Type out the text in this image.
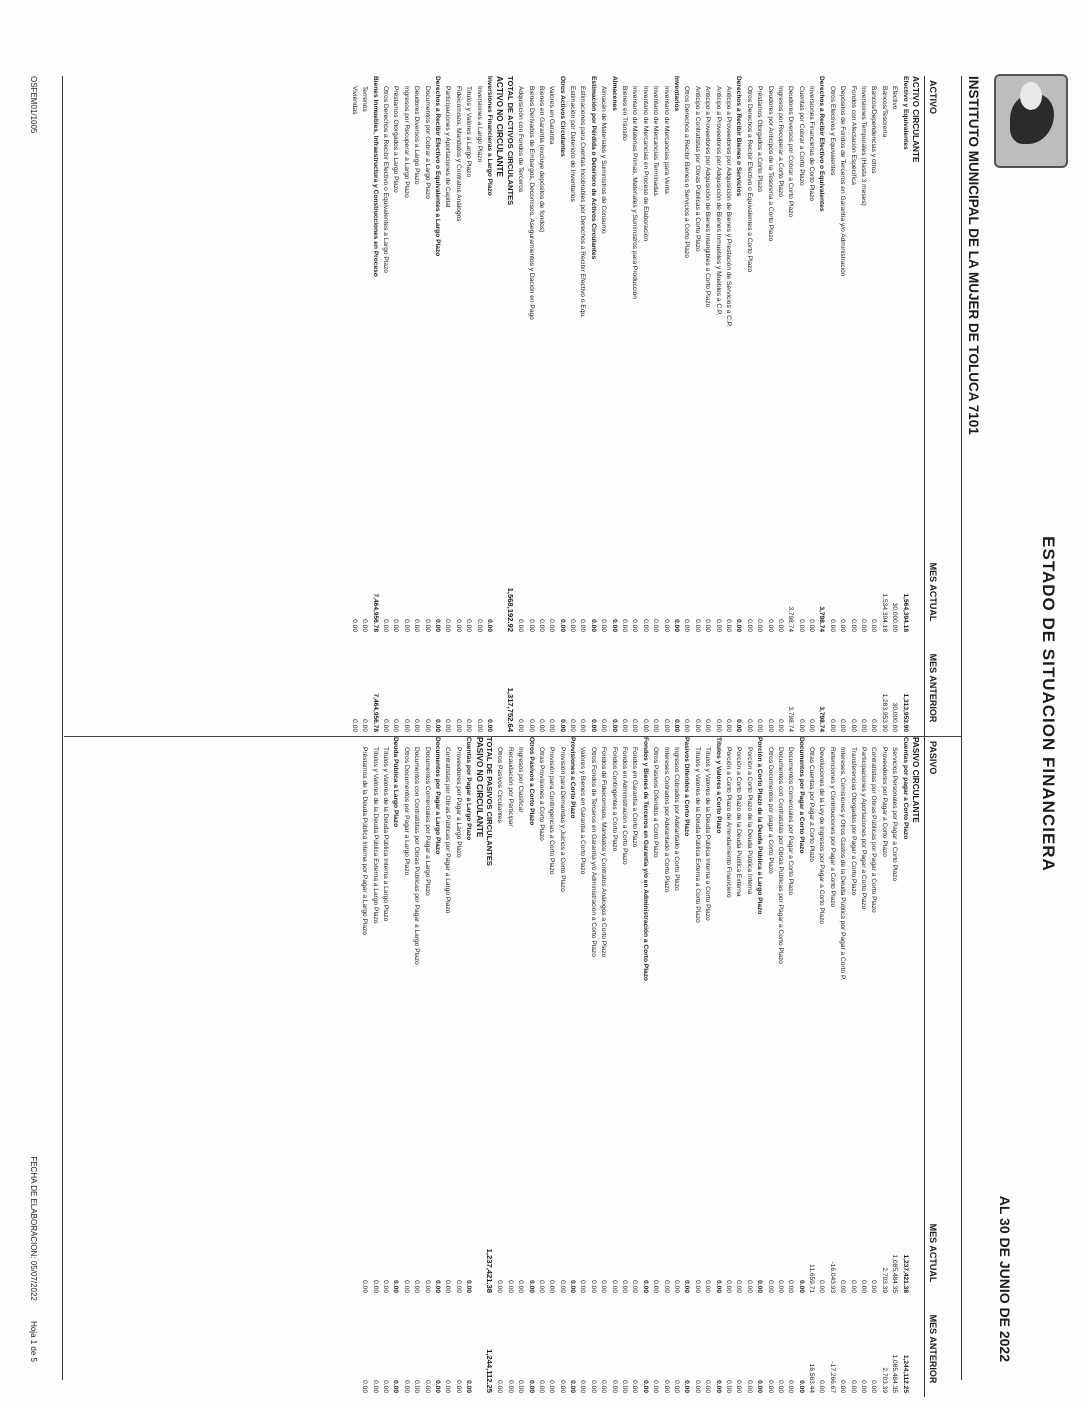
ESTADO DE SITUACION FINANCIERA
INSTITUTO MUNICIPAL DE LA MUJER DE TOLUCA 7101
AL 30 DE JUNIO DE 2022
ACTIVO
MES ACTUAL
MES ANTERIOR
ACTIVO CIRCULANTE
Efectivo y Equivalentes
1,564,394.18
1,313,953.90
Efectivo
30,000.00
30,000.00
Bancos/Tesorería
1,534,394.18
1,283,953.90
Bancos/Dependencias y otros
0.00
0.00
Inversiones Temporales (Hasta 3 meses)
0.00
0.00
Fondos con Afectación Específica
0.00
0.00
Depósitos de Fondos de Terceros en Garantía y/o Administración
0.00
0.00
Otros Efectivos y Equivalentes
0.00
0.00
Derechos a Recibir Efectivo o Equivalentes
3,798.74
3,798.74
Inversiones Financieras de Corto Plazo
0.00
0.00
Cuentas por Cobrar a Corto Plazo
0.00
0.00
Deudores Diversos por Cobrar a Corto Plazo
3,798.74
3,798.74
Ingresos por Recuperar a Corto Plazo
0.00
0.00
Deudores por Anticipos de la Tesorería a Corto Plazo
0.00
0.00
Préstamos Otorgados a Corto Plazo
0.00
0.00
Otros Derechos a Recibir Efectivo o Equivalentes a Corto Plazo
0.00
0.00
Derechos a Recibir Bienes o Servicios
0.00
0.00
Anticipo a Proveedores por Adquisición de Bienes y Prestación de Servicios a C.P.
0.00
0.00
Anticipo a Proveedores por Adquisición de Bienes Inmuebles y Muebles a C.P.
0.00
0.00
Anticipo a Proveedores por Adquisición de Bienes Intangibles a Corto Plazo
0.00
0.00
Anticipo a Contratistas por Obras Públicas a Corto Plazo
0.00
0.00
Otros Derechos a Recibir Bienes o Servicios a Corto Plazo
0.00
0.00
Inventarios
0.00
0.00
Inventario de Mercancías para Venta
0.00
0.00
Inventario de Mercancías Terminadas
0.00
0.00
Inventario de Mercancías en Proceso de Elaboración
0.00
0.00
Inventario de Materias Primas, Materiales y Suministros para Producción
0.00
0.00
Bienes en Tránsito
0.00
0.00
Almacenes
0.00
0.00
Almacén de Materiales y Suministros de Consumo
0.00
0.00
Estimación por Pérdida o Deterioro de Activos Circulantes
0.00
0.00
Estimaciones para Cuentas Incobrables por Derechos a Recibir Efectivo o Equ.
0.00
0.00
Estimación por Deterioro de Inventarios
0.00
0.00
Otros Activos Circulantes
0.00
0.00
Valores en Garantía
0.00
0.00
Bienes en Garantía (excluye depósitos de fondos)
0.00
0.00
Bienes Derivados de Embargos, Decomisos, Aseguramientos y Dación en Pago
0.00
0.00
Adquisición con Fondos de Terceros
0.00
0.00
TOTAL DE ACTIVOS CIRCULANTES
1,568,192.92
1,317,752.64
ACTIVO NO CIRCULANTE
Inversiones Financieras a Largo Plazo
0.00
0.00
Inversiones a Largo Plazo
0.00
0.00
Títulos y Valores a Largo Plazo
0.00
0.00
Fideicomisos, Mandatos y Contratos Análogos
0.00
0.00
Participaciones y Aportaciones de Capital
0.00
0.00
Derechos a Recibir Efectivo o Equivalentes a Largo Plazo
0.00
0.00
Documentos por Cobrar a Largo Plazo
0.00
0.00
Deudores Diversos a Largo Plazo
0.00
0.00
Ingresos por Recuperar a Largo Plazo
0.00
0.00
Préstamos Otorgados a Largo Plazo
0.00
0.00
Otros Derechos a Recibir Efectivo o Equivalentes a Largo Plazo
0.00
0.00
Bienes Inmuebles, Infraestructura y Construcciones en Proceso
7,464,956.78
7,464,956.78
Terrenos
0.00
0.00
Viviendas
0.00
0.00
PASIVO
MES ACTUAL
MES ANTERIOR
PASIVO CIRCULANTE
Cuentas por pagar a Corto Plazo
1,237,421.38
1,244,112.25
Servicios Personales por Pagar a Corto Plazo
1,085,484.35
1,085,484.35
Proveedores por Pagar a Corto Plazo
2,703.39
2,703.39
Contratistas por Obras Públicas por Pagar a Corto Plazo
0.00
0.00
Participaciones y Aportaciones por Pagar a Corto Plazo
0.00
0.00
Transferencias Otorgadas por Pagar a Corto Plazo
0.00
0.00
Intereses, Comisiones y Otros Gastos de la Deuda Pública por Pagar a Corto P.
0.00
0.00
Retenciones y Contribuciones por Pagar a Corto Plazo
-16,043.93
-17,266.67
Devoluciones de la Ley de Ingresos por Pagar a Corto Plazo
0.00
0.00
Otras Cuentas por Pagar a Corto Plazo
11,659.71
16,563.44
Documentos por Pagar a Corto Plazo
0.00
0.00
Documentos Comerciales por Pagar a Corto Plazo
0.00
0.00
Documentos con Contratistas por Obras Públicas por Pagar a Corto Plazo
0.00
0.00
Otros Documentos por pagar a Corto Plazo
0.00
0.00
Porción a Corto Plazo de la Deuda Pública a Largo Plazo
0.00
0.00
Porción a Corto Plazo de la Deuda Pública Interna
0.00
0.00
Porción a Corto Plazo de la Deuda Pública Externa
0.00
0.00
Porción a Corto Plazo de Arrendamiento Financiero
0.00
0.00
Títulos y Valores a Corto Plazo
0.00
0.00
Títulos y Valores de la Deuda Pública Interna a Corto Plazo
0.00
0.00
Títulos y Valores de la Deuda Pública Externa a Corto Plazo
0.00
0.00
Pasivos Diferidos a Corto Plazo
0.00
0.00
Ingresos Cobrados por Adelantado a Corto Plazo
0.00
0.00
Intereses Cobrados por Adelantado a Corto Plazo
0.00
0.00
Otros Pasivos Diferidos a Corto Plazo
0.00
0.00
Fondos y Bienes de Terceros en Garantía y/o en Administración a Corto Plazo
0.00
0.00
Fondos en Garantía a Corto Plazo
0.00
0.00
Fondos en Administración a Corto Plazo
0.00
0.00
Fondos Contingentes a Corto Plazo
0.00
0.00
Fondos de Fideicomisos, Mandatos y Contratos Análogos a Corto Plazo
0.00
0.00
Otros Fondos de Terceros en Garantía y/o Administración a Corto Plazo
0.00
0.00
Valores y Bienes en Garantía a Corto Plazo
0.00
0.00
Provisiones a Corto Plazo
0.00
0.00
Provisión para Demandas y Juicios a Corto Plazo
0.00
0.00
Provisión para Contingencias a Corto Plazo
0.00
0.00
Otras Provisiones a Corto Plazo
0.00
0.00
Otros Pasivos a Corto Plazo
0.00
0.00
Ingresos por Clasificar
0.00
0.00
Recaudación por Participar
0.00
0.00
Otros Pasivos Circulantes
0.00
0.00
TOTAL DE PASIVOS CIRCULANTES
1,237,421.38
1,244,112.25
PASIVO NO CIRCULANTE
Cuentas por Pagar a Largo Plazo
0.00
0.00
Proveedores por Pagar a Largo Plazo
0.00
0.00
Contratistas por Obras Públicas por Pagar a Largo Plazo
0.00
0.00
Documentos por Pagar a Largo Plazo
0.00
0.00
Documentos Comerciales por Pagar a Largo Plazo
0.00
0.00
Documentos con Contratistas por Obras Públicas por Pagar a Largo Plazo
0.00
0.00
Otros Documentos por Pagar a Largo Plazo
0.00
0.00
Deuda Pública a Largo Plazo
0.00
0.00
Títulos y Valores de la Deuda Pública Interna a Largo Plazo
0.00
0.00
Títulos y Valores de la Deuda Pública Externa a Largo Plazo
0.00
0.00
Préstamos de la Deuda Pública Interna por Pagar a Largo Plazo
0.00
0.00
OSFEM01/1005
FECHA DE ELABORACION: 05/07/2022 Hoja 1 de 5
